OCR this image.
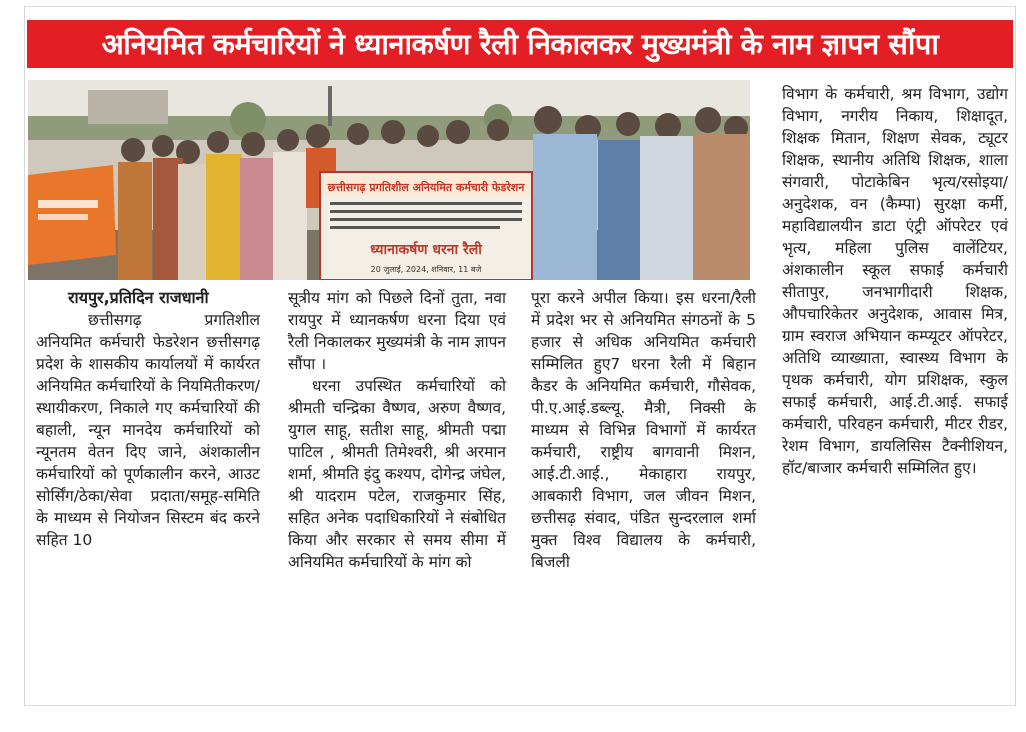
अनियमित कर्मचारियों ने ध्यानाकर्षण रैली निकालकर मुख्यमंत्री के नाम ज्ञापन सौंपा
छत्तीसगढ़ प्रगतिशील अनियमित कर्मचारी फेडरेशन
ध्यानाकर्षण धरना रैली
20 जुलाई, 2024, शनिवार, 11 बजे

रायपुर,प्रतिदिन राजधानी

छत्तीसगढ़ प्रगतिशील अनियमित कर्मचारी फेडरेशन छत्तीसगढ़ प्रदेश के शासकीय कार्यालयों में कार्यरत अनियमित कर्मचारियों के नियमितीकरण/स्थायीकरण, निकाले गए कर्मचारियों की बहाली, न्यून मानदेय कर्मचारियों को न्यूनतम वेतन दिए जाने, अंशकालीन कर्मचारियों को पूर्णकालीन करने, आउट सोर्सिंग/ठेका/सेवा प्रदाता/समूह-समिति के माध्यम से नियोजन सिस्टम बंद करने सहित 10

सूत्रीय मांग को पिछले दिनों तुता, नवा रायपुर में ध्यानकर्षण धरना दिया एवं रैली निकालकर मुख्यमंत्री के नाम ज्ञापन सौंपा ।

धरना उपस्थित कर्मचारियों को श्रीमती चन्द्रिका वैष्णव, अरुण वैष्णव, युगल साहू, सतीश साहू, श्रीमती पद्मा पाटिल , श्रीमती तिमेश्वरी, श्री अरमान शर्मा, श्रीमति इंदु कश्यप, दोगेन्द्र जंघेल, श्री यादराम पटेल, राजकुमार सिंह, सहित अनेक पदाधिकारियों ने संबोधित किया और सरकार से समय सीमा में अनियमित कर्मचारियों के मांग को

पूरा करने अपील किया। इस धरना/रैली में प्रदेश भर से अनियमित संगठनों के 5 हजार से अधिक अनियमित कर्मचारी सम्मिलित हुए7 धरना रैली में बिहान कैडर के अनियमित कर्मचारी, गौसेवक, पी.ए.आई.डब्ल्यू. मैत्री, निक्सी के माध्यम से विभिन्न विभागों में कार्यरत कर्मचारी, राष्ट्रीय बागवानी मिशन, आई.टी.आई., मेकाहारा रायपुर, आबकारी विभाग, जल जीवन मिशन, छत्तीसढ़ संवाद, पंडित सुन्दरलाल शर्मा मुक्त विश्व विद्यालय के कर्मचारी, बिजली

विभाग के कर्मचारी, श्रम विभाग, उद्योग विभाग, नगरीय निकाय, शिक्षादूत, शिक्षक मितान, शिक्षण सेवक, ट्यूटर शिक्षक, स्थानीय अतिथि शिक्षक, शाला संगवारी, पोटाकेबिन भृत्य/रसोइया/ अनुदेशक, वन (कैम्पा) सुरक्षा कर्मी, महाविद्यालयीन डाटा एंट्री ऑपरेटर एवं भृत्य, महिला पुलिस वालेंटियर, अंशकालीन स्कूल सफाई कर्मचारी सीतापुर, जनभागीदारी शिक्षक, औपचारिकेतर अनुदेशक, आवास मित्र, ग्राम स्वराज अभियान कम्प्यूटर ऑपरेटर, अतिथि व्याख्याता, स्वास्थ्य विभाग के पृथक कर्मचारी, योग प्रशिक्षक, स्कुल सफाई कर्मचारी, आई.टी.आई. सफाई कर्मचारी, परिवहन कर्मचारी, मीटर रीडर, रेशम विभाग, डायलिसिस टैक्नीशियन, हॉट/बाजार कर्मचारी सम्मिलित हुए।
